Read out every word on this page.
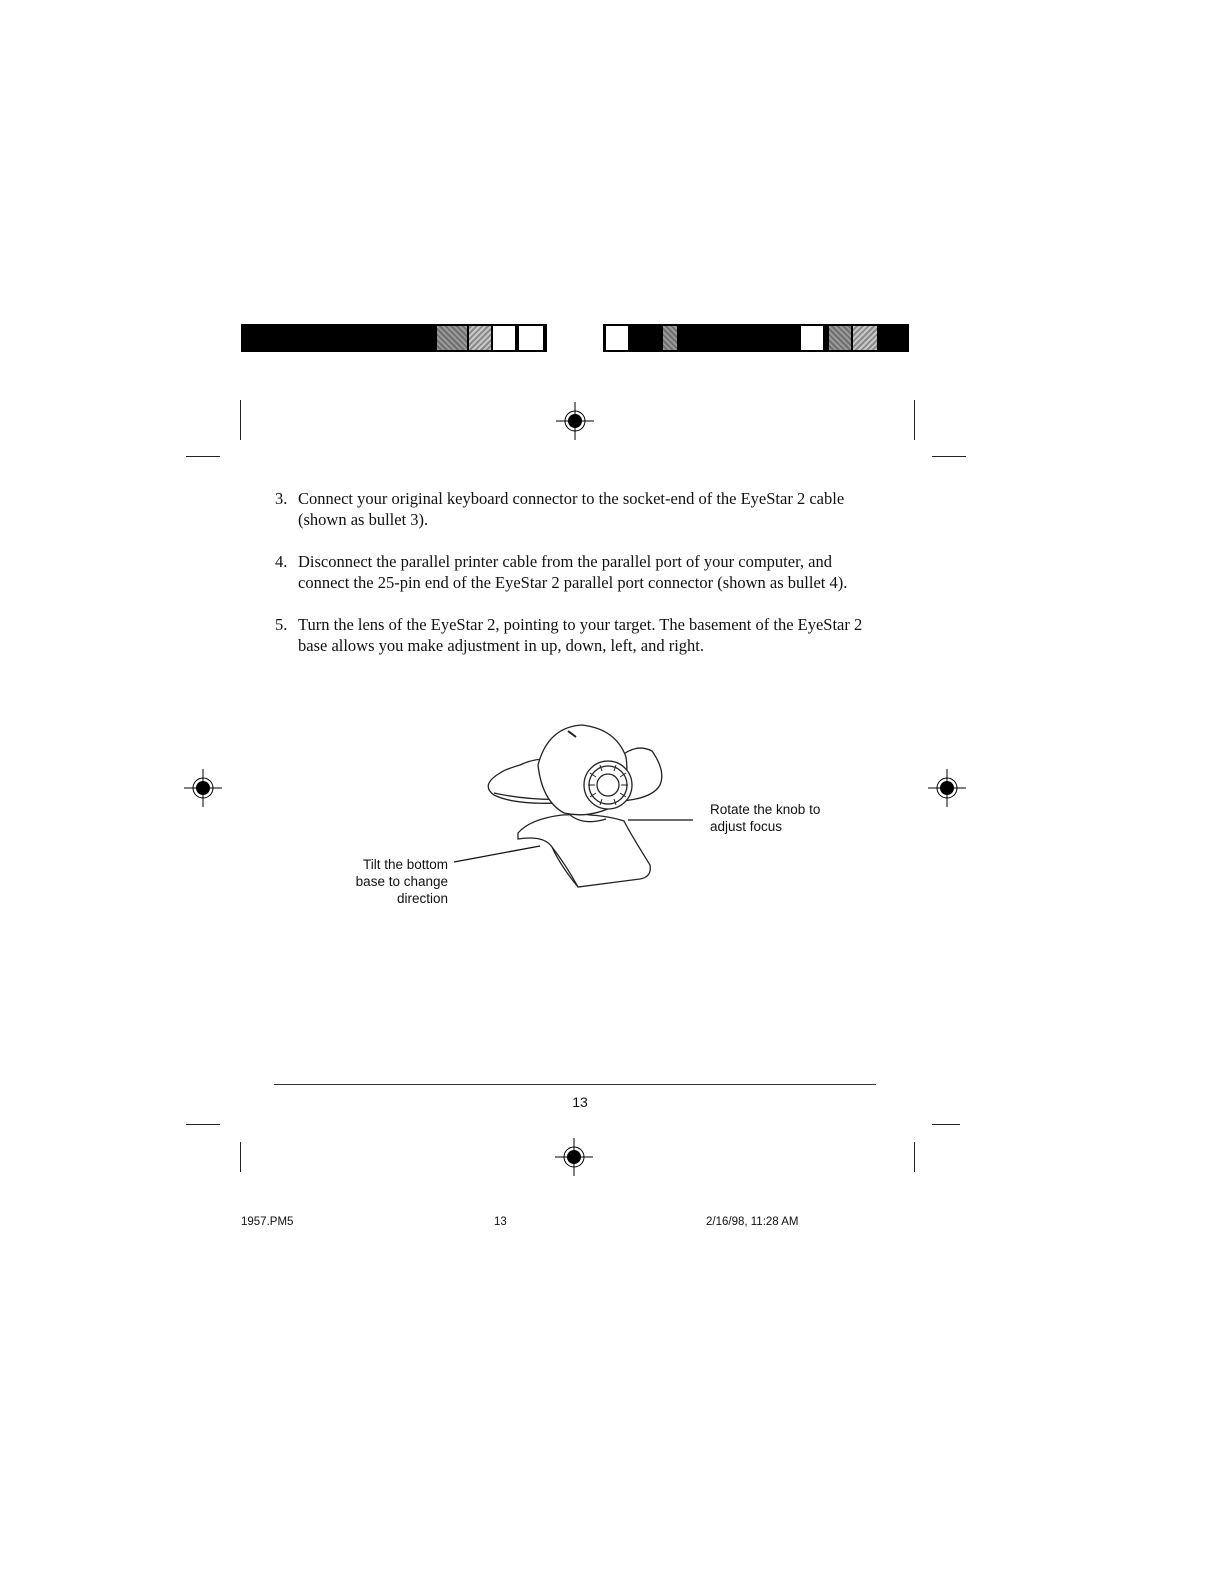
3. Connect your original keyboard connector to the socket-end of the EyeStar 2 cable (shown as bullet 3).
4. Disconnect the parallel printer cable from the parallel port of your computer, and connect the 25-pin end of the EyeStar 2 parallel port connector (shown as bullet 4).
5. Turn the lens of the EyeStar 2, pointing to your target. The basement of the EyeStar 2 base allows you make adjustment in up, down, left, and right.
Rotate the knob to
adjust focus
Tilt the bottom
base to change
direction
13
1957.PM5	13	2/16/98, 11:28 AM
